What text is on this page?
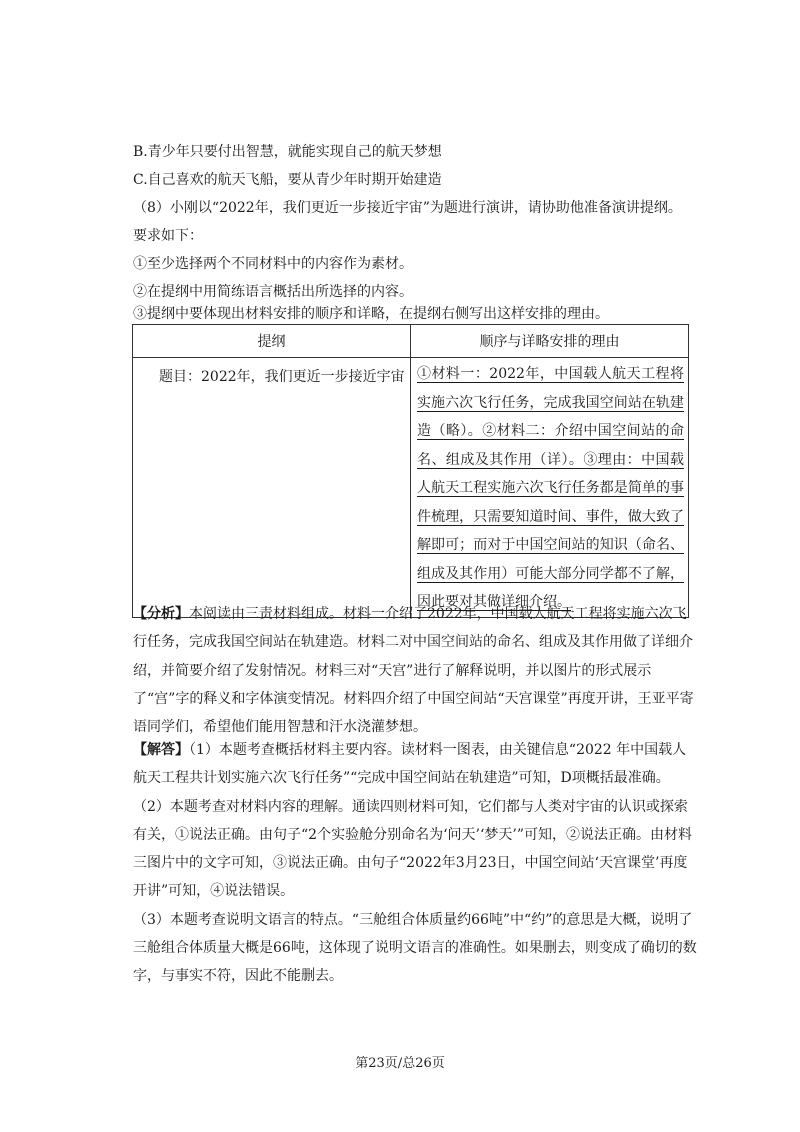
B.青少年只要付出智慧，就能实现自己的航天梦想
C.自己喜欢的航天飞船，要从青少年时期开始建造
（8）小刚以“2022年，我们更近一步接近宇宙”为题进行演讲，请协助他准备演讲提纲。
要求如下：
①至少选择两个不同材料中的内容作为素材。
②在提纲中用简练语言概括出所选择的内容。
③提纲中要体现出材料安排的顺序和详略，在提纲右侧写出这样安排的理由。
提纲	顺序与详略安排的理由
题目：2022年，我们更近一步接近宇宙	①材料一：2022年，中国载人航天工程将实施六次飞行任务，完成我国空间站在轨建造（略）。②材料二：介绍中国空间站的命名、组成及其作用（详）。③理由：中国载人航天工程实施六次飞行任务都是简单的事件梳理，只需要知道时间、事件，做大致了解即可；而对于中国空间站的知识（命名、组成及其作用）可能大部分同学都不了解，因此要对其做详细介绍。

【分析】本阅读由三责材料组成。材料一介绍了2022年，中国载人航天工程将实施六次飞行任务，完成我国空间站在轨建造。材料二对中国空间站的命名、组成及其作用做了详细介绍，并简要介绍了发射情况。材料三对“天宫”进行了解释说明，并以图片的形式展示了“宫”字的释义和字体演变情况。材料四介绍了中国空间站“天宫课堂”再度开讲，王亚平寄语同学们，希望他们能用智慧和汗水浇灌梦想。

【解答】（1）本题考查概括材料主要内容。读材料一图表，由关键信息“2022 年中国载人航天工程共计划实施六次飞行任务”“完成中国空间站在轨建造”可知，D项概括最准确。

（2）本题考查对材料内容的理解。通读四则材料可知，它们都与人类对宇宙的认识或探索有关，①说法正确。由句子“2个实验舱分别命名为‘问天’‘梦天’”可知，②说法正确。由材料三图片中的文字可知，③说法正确。由句子“2022年3月23日，中国空间站‘天宫课堂’再度开讲”可知，④说法错误。

（3）本题考查说明文语言的特点。“三舱组合体质量约66吨”中“约”的意思是大概，说明了三舱组合体质量大概是66吨，这体现了说明文语言的准确性。如果删去，则变成了确切的数字，与事实不符，因此不能删去。

第23页/总26页
